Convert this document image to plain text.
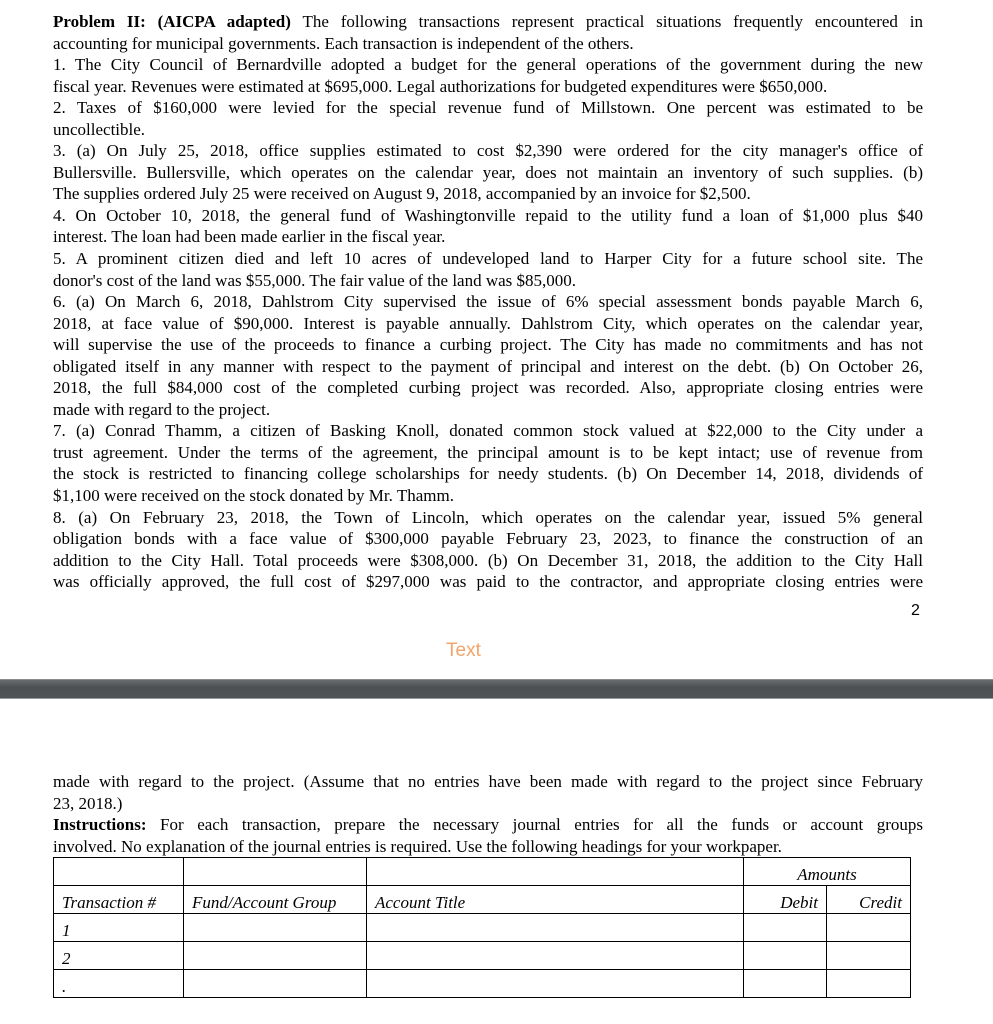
Problem II: (AICPA adapted) The following transactions represent practical situations frequently encountered in
accounting for municipal governments. Each transaction is independent of the others.
1. The City Council of Bernardville adopted a budget for the general operations of the government during the new
fiscal year. Revenues were estimated at $695,000. Legal authorizations for budgeted expenditures were $650,000.
2. Taxes of $160,000 were levied for the special revenue fund of Millstown. One percent was estimated to be
uncollectible.
3. (a) On July 25, 2018, office supplies estimated to cost $2,390 were ordered for the city manager's office of
Bullersville. Bullersville, which operates on the calendar year, does not maintain an inventory of such supplies. (b)
The supplies ordered July 25 were received on August 9, 2018, accompanied by an invoice for $2,500.
4. On October 10, 2018, the general fund of Washingtonville repaid to the utility fund a loan of $1,000 plus $40
interest. The loan had been made earlier in the fiscal year.
5. A prominent citizen died and left 10 acres of undeveloped land to Harper City for a future school site. The
donor's cost of the land was $55,000. The fair value of the land was $85,000.
6. (a) On March 6, 2018, Dahlstrom City supervised the issue of 6% special assessment bonds payable March 6,
2018, at face value of $90,000. Interest is payable annually. Dahlstrom City, which operates on the calendar year,
will supervise the use of the proceeds to finance a curbing project. The City has made no commitments and has not
obligated itself in any manner with respect to the payment of principal and interest on the debt. (b) On October 26,
2018, the full $84,000 cost of the completed curbing project was recorded. Also, appropriate closing entries were
made with regard to the project.
7. (a) Conrad Thamm, a citizen of Basking Knoll, donated common stock valued at $22,000 to the City under a
trust agreement. Under the terms of the agreement, the principal amount is to be kept intact; use of revenue from
the stock is restricted to financing college scholarships for needy students. (b) On December 14, 2018, dividends of
$1,100 were received on the stock donated by Mr. Thamm.
8. (a) On February 23, 2018, the Town of Lincoln, which operates on the calendar year, issued 5% general
obligation bonds with a face value of $300,000 payable February 23, 2023, to finance the construction of an
addition to the City Hall. Total proceeds were $308,000. (b) On December 31, 2018, the addition to the City Hall
was officially approved, the full cost of $297,000 was paid to the contractor, and appropriate closing entries were
2
Text
made with regard to the project. (Assume that no entries have been made with regard to the project since February
23, 2018.)
Instructions: For each transaction, prepare the necessary journal entries for all the funds or account groups
involved. No explanation of the journal entries is required. Use the following headings for your workpaper.
			Amounts	
Transaction #	Fund/Account Group	Account Title	Debit	Credit
1				
2				
.				
